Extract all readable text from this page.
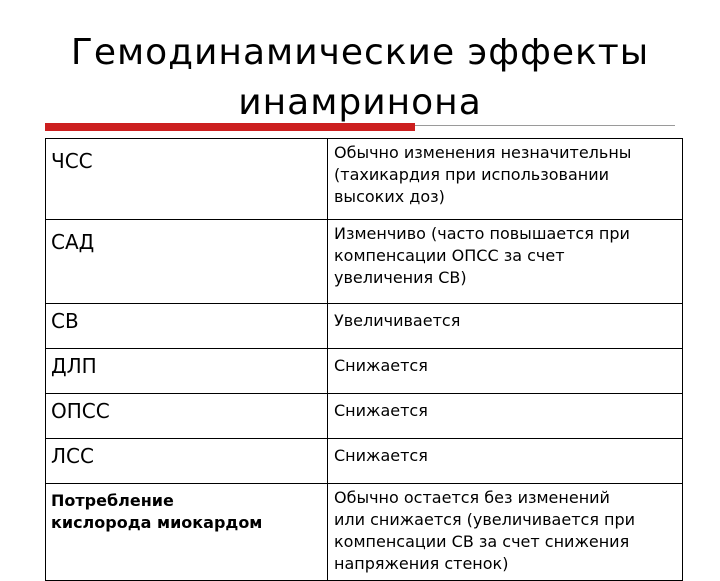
Гемодинамические эффекты
инамринона
ЧСС	Обычно изменения незначительны
(тахикардия при использовании
высоких доз)

САД	Изменчиво (часто повышается при
компенсации ОПСС за счет
увеличения СВ)

СВ	Увеличивается

ДЛП	Снижается

ОПСС	Снижается

ЛСС	Снижается

Потребление
кислорода миокардом	Обычно остается без изменений
или снижается (увеличивается при
компенсации СВ за счет снижения
напряжения стенок)
